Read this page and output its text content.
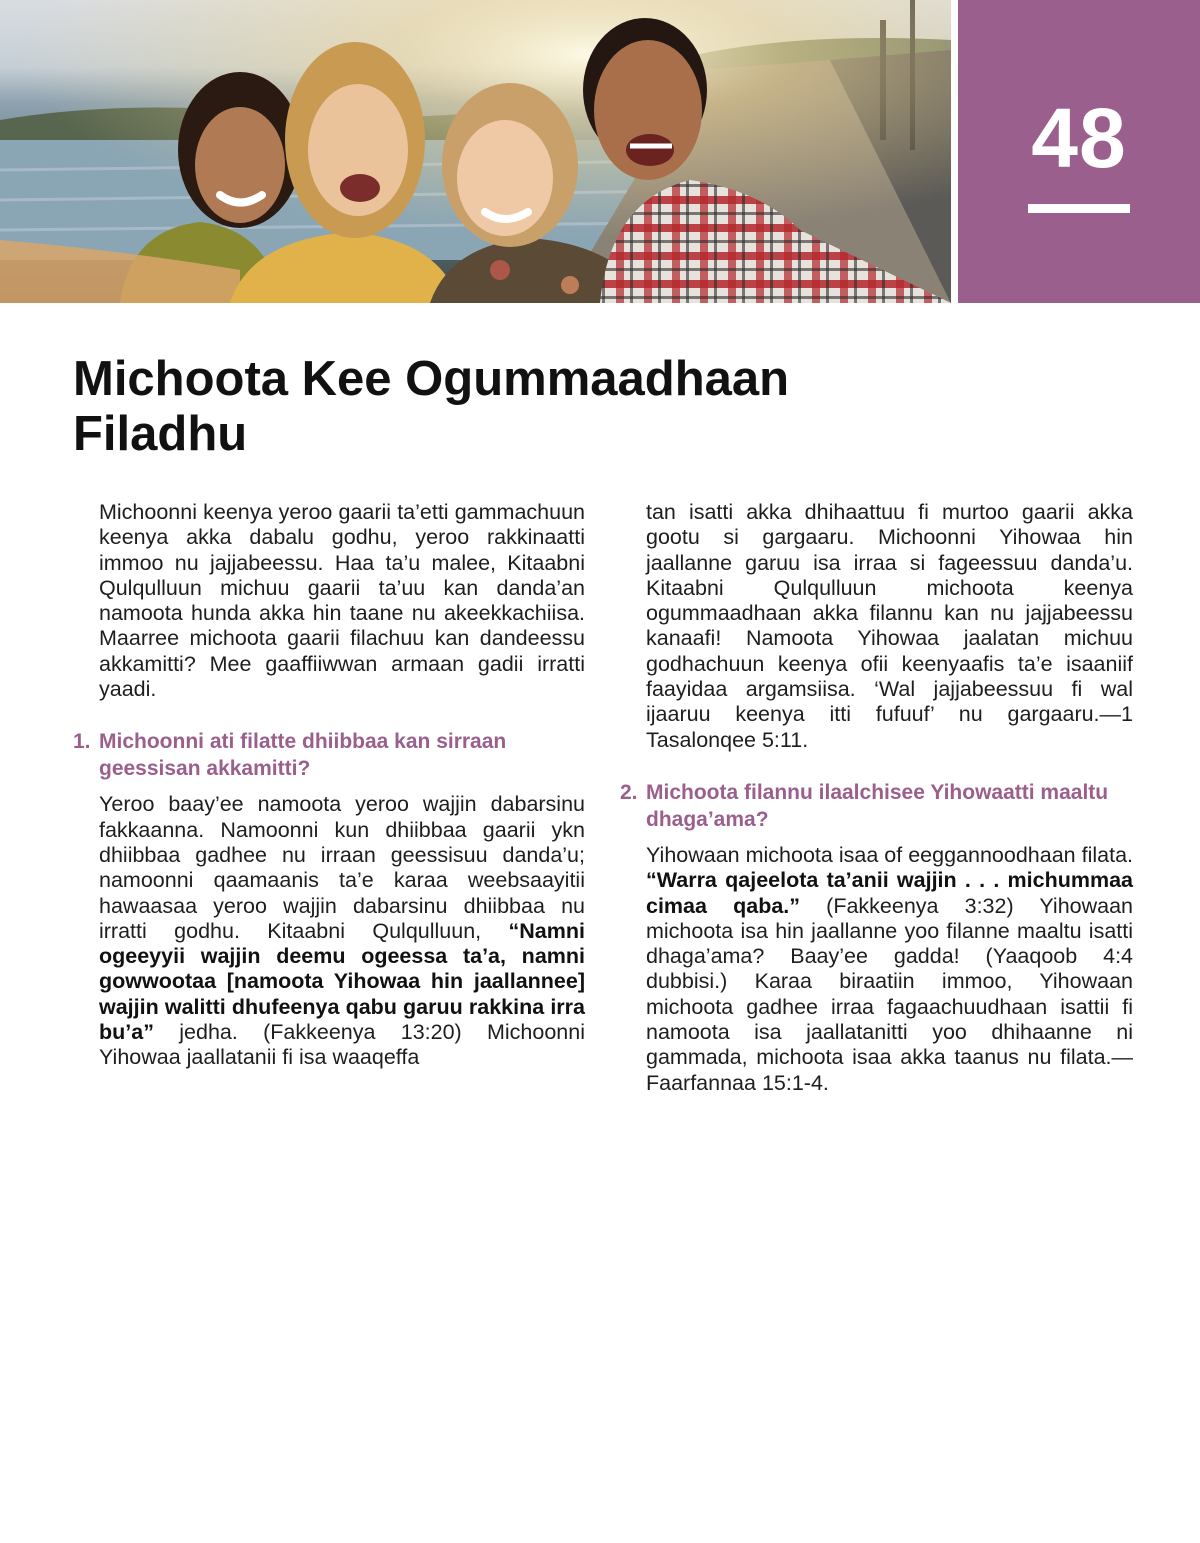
48
Michoota Kee Ogummaadhaan Filadhu

Michoonni keenya yeroo gaarii ta’etti gammachuun keenya akka dabalu godhu, yeroo rakkinaatti immoo nu jajjabeessu. Haa ta’u malee, Kitaabni Qulqulluun michuu gaarii ta’uu kan danda’an namoota hunda akka hin taane nu akeekkachiisa. Maarree michoota gaarii filachuu kan dandeessu akkamitti? Mee gaaffiiwwan armaan gadii irratti yaadi.

1. Michoonni ati filatte dhiibbaa kan sirraan geessisan akkamitti?

Yeroo baay’ee namoota yeroo wajjin dabarsinu fakkaanna. Namoonni kun dhiibbaa gaarii ykn dhiibbaa gadhee nu irraan geessisuu danda’u; namoonni qaamaanis ta’e karaa weebsaayitii hawaasaa yeroo wajjin dabarsinu dhiibbaa nu irratti godhu. Kitaabni Qulqulluun, “Namni ogeeyyii wajjin deemu ogeessa ta’a, namni gowwootaa [namoota Yihowaa hin jaallannee] wajjin walitti dhufeenya qabu garuu rakkina irra bu’a” jedha. (Fakkeenya 13:20) Michoonni Yihowaa jaallatanii fi isa waaqeffa

tan isatti akka dhihaattuu fi murtoo gaarii akka gootu si gargaaru. Michoonni Yihowaa hin jaallanne garuu isa irraa si fageessuu danda’u. Kitaabni Qulqulluun michoota keenya ogummaadhaan akka filannu kan nu jajjabeessu kanaafi! Namoota Yihowaa jaalatan michuu godhachuun keenya ofii keenyaafis ta’e isaaniif faayidaa argamsiisa. ‘Wal jajjabeessuu fi wal ijaaruu keenya itti fufuuf’ nu gargaaru.—1 Tasalonqee 5:11.

2. Michoota filannu ilaalchisee Yihowaatti maaltu dhaga’ama?

Yihowaan michoota isaa of eeggannoodhaan filata. “Warra qajeelota ta’anii wajjin . . . michummaa cimaa qaba.” (Fakkeenya 3:32) Yihowaan michoota isa hin jaallanne yoo filanne maaltu isatti dhaga’ama? Baay’ee gadda! (Yaaqoob 4:4 dubbisi.) Karaa biraatiin immoo, Yihowaan michoota gadhee irraa fagaachuudhaan isattii fi namoota isa jaallatanitti yoo dhihaanne ni gammada, michoota isaa akka taanus nu filata.—Faarfannaa 15:1-4.
